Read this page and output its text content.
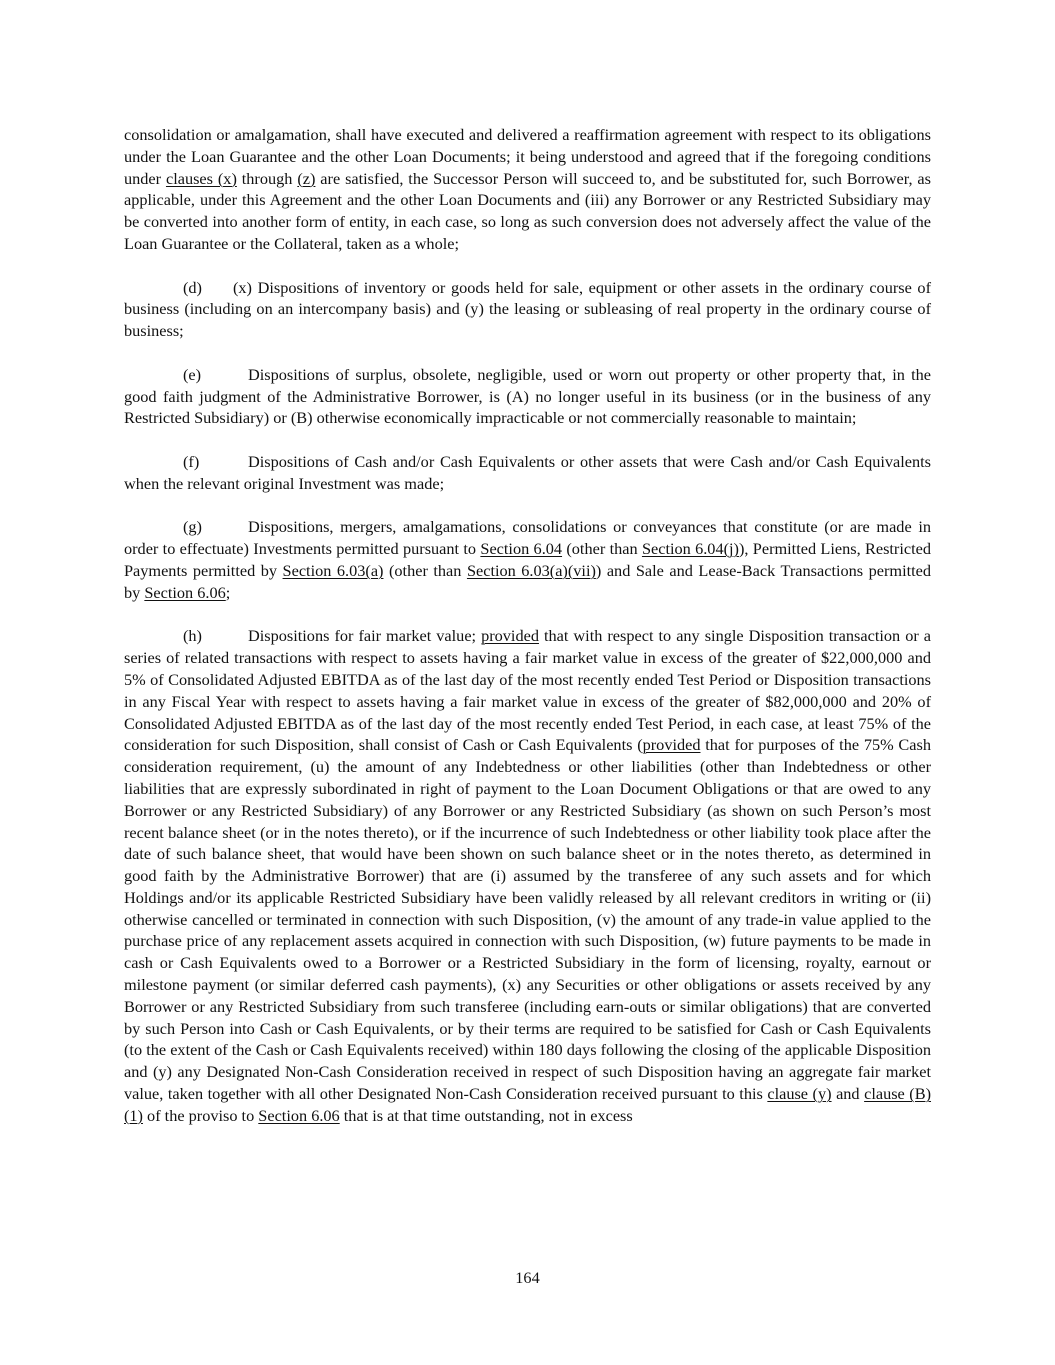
consolidation or amalgamation, shall have executed and delivered a reaffirmation agreement with respect to its obligations under the Loan Guarantee and the other Loan Documents; it being understood and agreed that if the foregoing conditions under clauses (x) through (z) are satisfied, the Successor Person will succeed to, and be substituted for, such Borrower, as applicable, under this Agreement and the other Loan Documents and (iii) any Borrower or any Restricted Subsidiary may be converted into another form of entity, in each case, so long as such conversion does not adversely affect the value of the Loan Guarantee or the Collateral, taken as a whole;

(d) (x) Dispositions of inventory or goods held for sale, equipment or other assets in the ordinary course of business (including on an intercompany basis) and (y) the leasing or subleasing of real property in the ordinary course of business;

(e)	Dispositions of surplus, obsolete, negligible, used or worn out property or other property that, in the good faith judgment of the Administrative Borrower, is (A) no longer useful in its business (or in the business of any Restricted Subsidiary) or (B) otherwise economically impracticable or not commercially reasonable to maintain;

(f)	Dispositions of Cash and/or Cash Equivalents or other assets that were Cash and/or Cash Equivalents when the relevant original Investment was made;

(g)	Dispositions, mergers, amalgamations, consolidations or conveyances that constitute (or are made in order to effectuate) Investments permitted pursuant to Section 6.04 (other than Section 6.04(j)), Permitted Liens, Restricted Payments permitted by Section 6.03(a) (other than Section 6.03(a)(vii)) and Sale and Lease-Back Transactions permitted by Section 6.06;

(h)	Dispositions for fair market value; provided that with respect to any single Disposition transaction or a series of related transactions with respect to assets having a fair market value in excess of the greater of $22,000,000 and 5% of Consolidated Adjusted EBITDA as of the last day of the most recently ended Test Period or Disposition transactions in any Fiscal Year with respect to assets having a fair market value in excess of the greater of $82,000,000 and 20% of Consolidated Adjusted EBITDA as of the last day of the most recently ended Test Period, in each case, at least 75% of the consideration for such Disposition, shall consist of Cash or Cash Equivalents (provided that for purposes of the 75% Cash consideration requirement, (u) the amount of any Indebtedness or other liabilities (other than Indebtedness or other liabilities that are expressly subordinated in right of payment to the Loan Document Obligations or that are owed to any Borrower or any Restricted Subsidiary) of any Borrower or any Restricted Subsidiary (as shown on such Person’s most recent balance sheet (or in the notes thereto), or if the incurrence of such Indebtedness or other liability took place after the date of such balance sheet, that would have been shown on such balance sheet or in the notes thereto, as determined in good faith by the Administrative Borrower) that are (i) assumed by the transferee of any such assets and for which Holdings and/or its applicable Restricted Subsidiary have been validly released by all relevant creditors in writing or (ii) otherwise cancelled or terminated in connection with such Disposition, (v) the amount of any trade-in value applied to the purchase price of any replacement assets acquired in connection with such Disposition, (w) future payments to be made in cash or Cash Equivalents owed to a Borrower or a Restricted Subsidiary in the form of licensing, royalty, earnout or milestone payment (or similar deferred cash payments), (x) any Securities or other obligations or assets received by any Borrower or any Restricted Subsidiary from such transferee (including earn-outs or similar obligations) that are converted by such Person into Cash or Cash Equivalents, or by their terms are required to be satisfied for Cash or Cash Equivalents (to the extent of the Cash or Cash Equivalents received) within 180 days following the closing of the applicable Disposition and (y) any Designated Non-Cash Consideration received in respect of such Disposition having an aggregate fair market value, taken together with all other Designated Non-Cash Consideration received pursuant to this clause (y) and clause (B)(1) of the proviso to Section 6.06 that is at that time outstanding, not in excess

164
